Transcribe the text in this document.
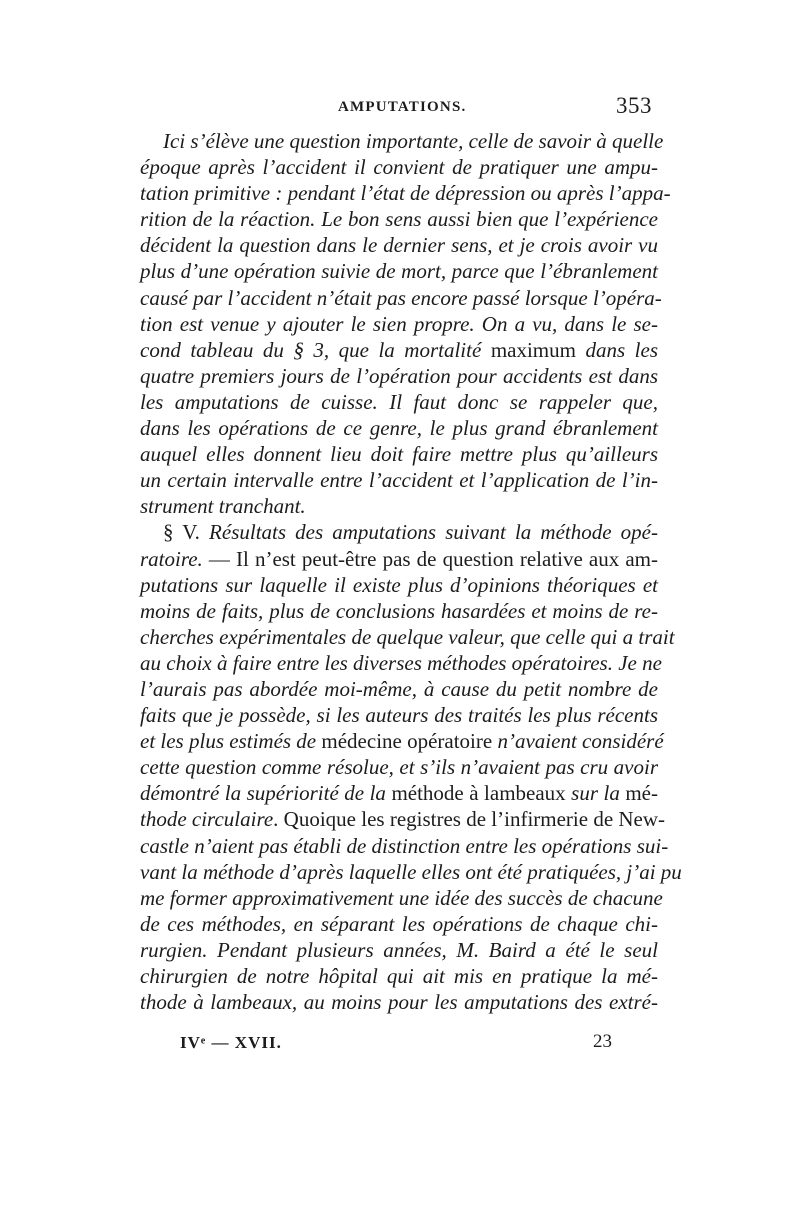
AMPUTATIONS.	353
Ici s’élève une question importante, celle de savoir à quelle
époque après l’accident il convient de pratiquer une ampu-
tation primitive : pendant l’état de dépression ou après l’appa-
rition de la réaction. Le bon sens aussi bien que l’expérience
décident la question dans le dernier sens, et je crois avoir vu
plus d’une opération suivie de mort, parce que l’ébranlement
causé par l’accident n’était pas encore passé lorsque l’opéra-
tion est venue y ajouter le sien propre. On a vu, dans le se-
cond tableau du § 3, que la mortalité maximum dans les
quatre premiers jours de l’opération pour accidents est dans
les amputations de cuisse. Il faut donc se rappeler que,
dans les opérations de ce genre, le plus grand ébranlement
auquel elles donnent lieu doit faire mettre plus qu’ailleurs
un certain intervalle entre l’accident et l’application de l’in-
strument tranchant.
§ V. Résultats des amputations suivant la méthode opé-
ratoire. — Il n’est peut-être pas de question relative aux am-
putations sur laquelle il existe plus d’opinions théoriques et
moins de faits, plus de conclusions hasardées et moins de re-
cherches expérimentales de quelque valeur, que celle qui a trait
au choix à faire entre les diverses méthodes opératoires. Je ne
l’aurais pas abordée moi-même, à cause du petit nombre de
faits que je possède, si les auteurs des traités les plus récents
et les plus estimés de médecine opératoire n’avaient considéré
cette question comme résolue, et s’ils n’avaient pas cru avoir
démontré la supériorité de la méthode à lambeaux sur la mé-
thode circulaire. Quoique les registres de l’infirmerie de New-
castle n’aient pas établi de distinction entre les opérations sui-
vant la méthode d’après laquelle elles ont été pratiquées, j’ai pu
me former approximativement une idée des succès de chacune
de ces méthodes, en séparant les opérations de chaque chi-
rurgien. Pendant plusieurs années, M. Baird a été le seul
chirurgien de notre hôpital qui ait mis en pratique la mé-
thode à lambeaux, au moins pour les amputations des extré-
IVᵉ — XVII.	23
